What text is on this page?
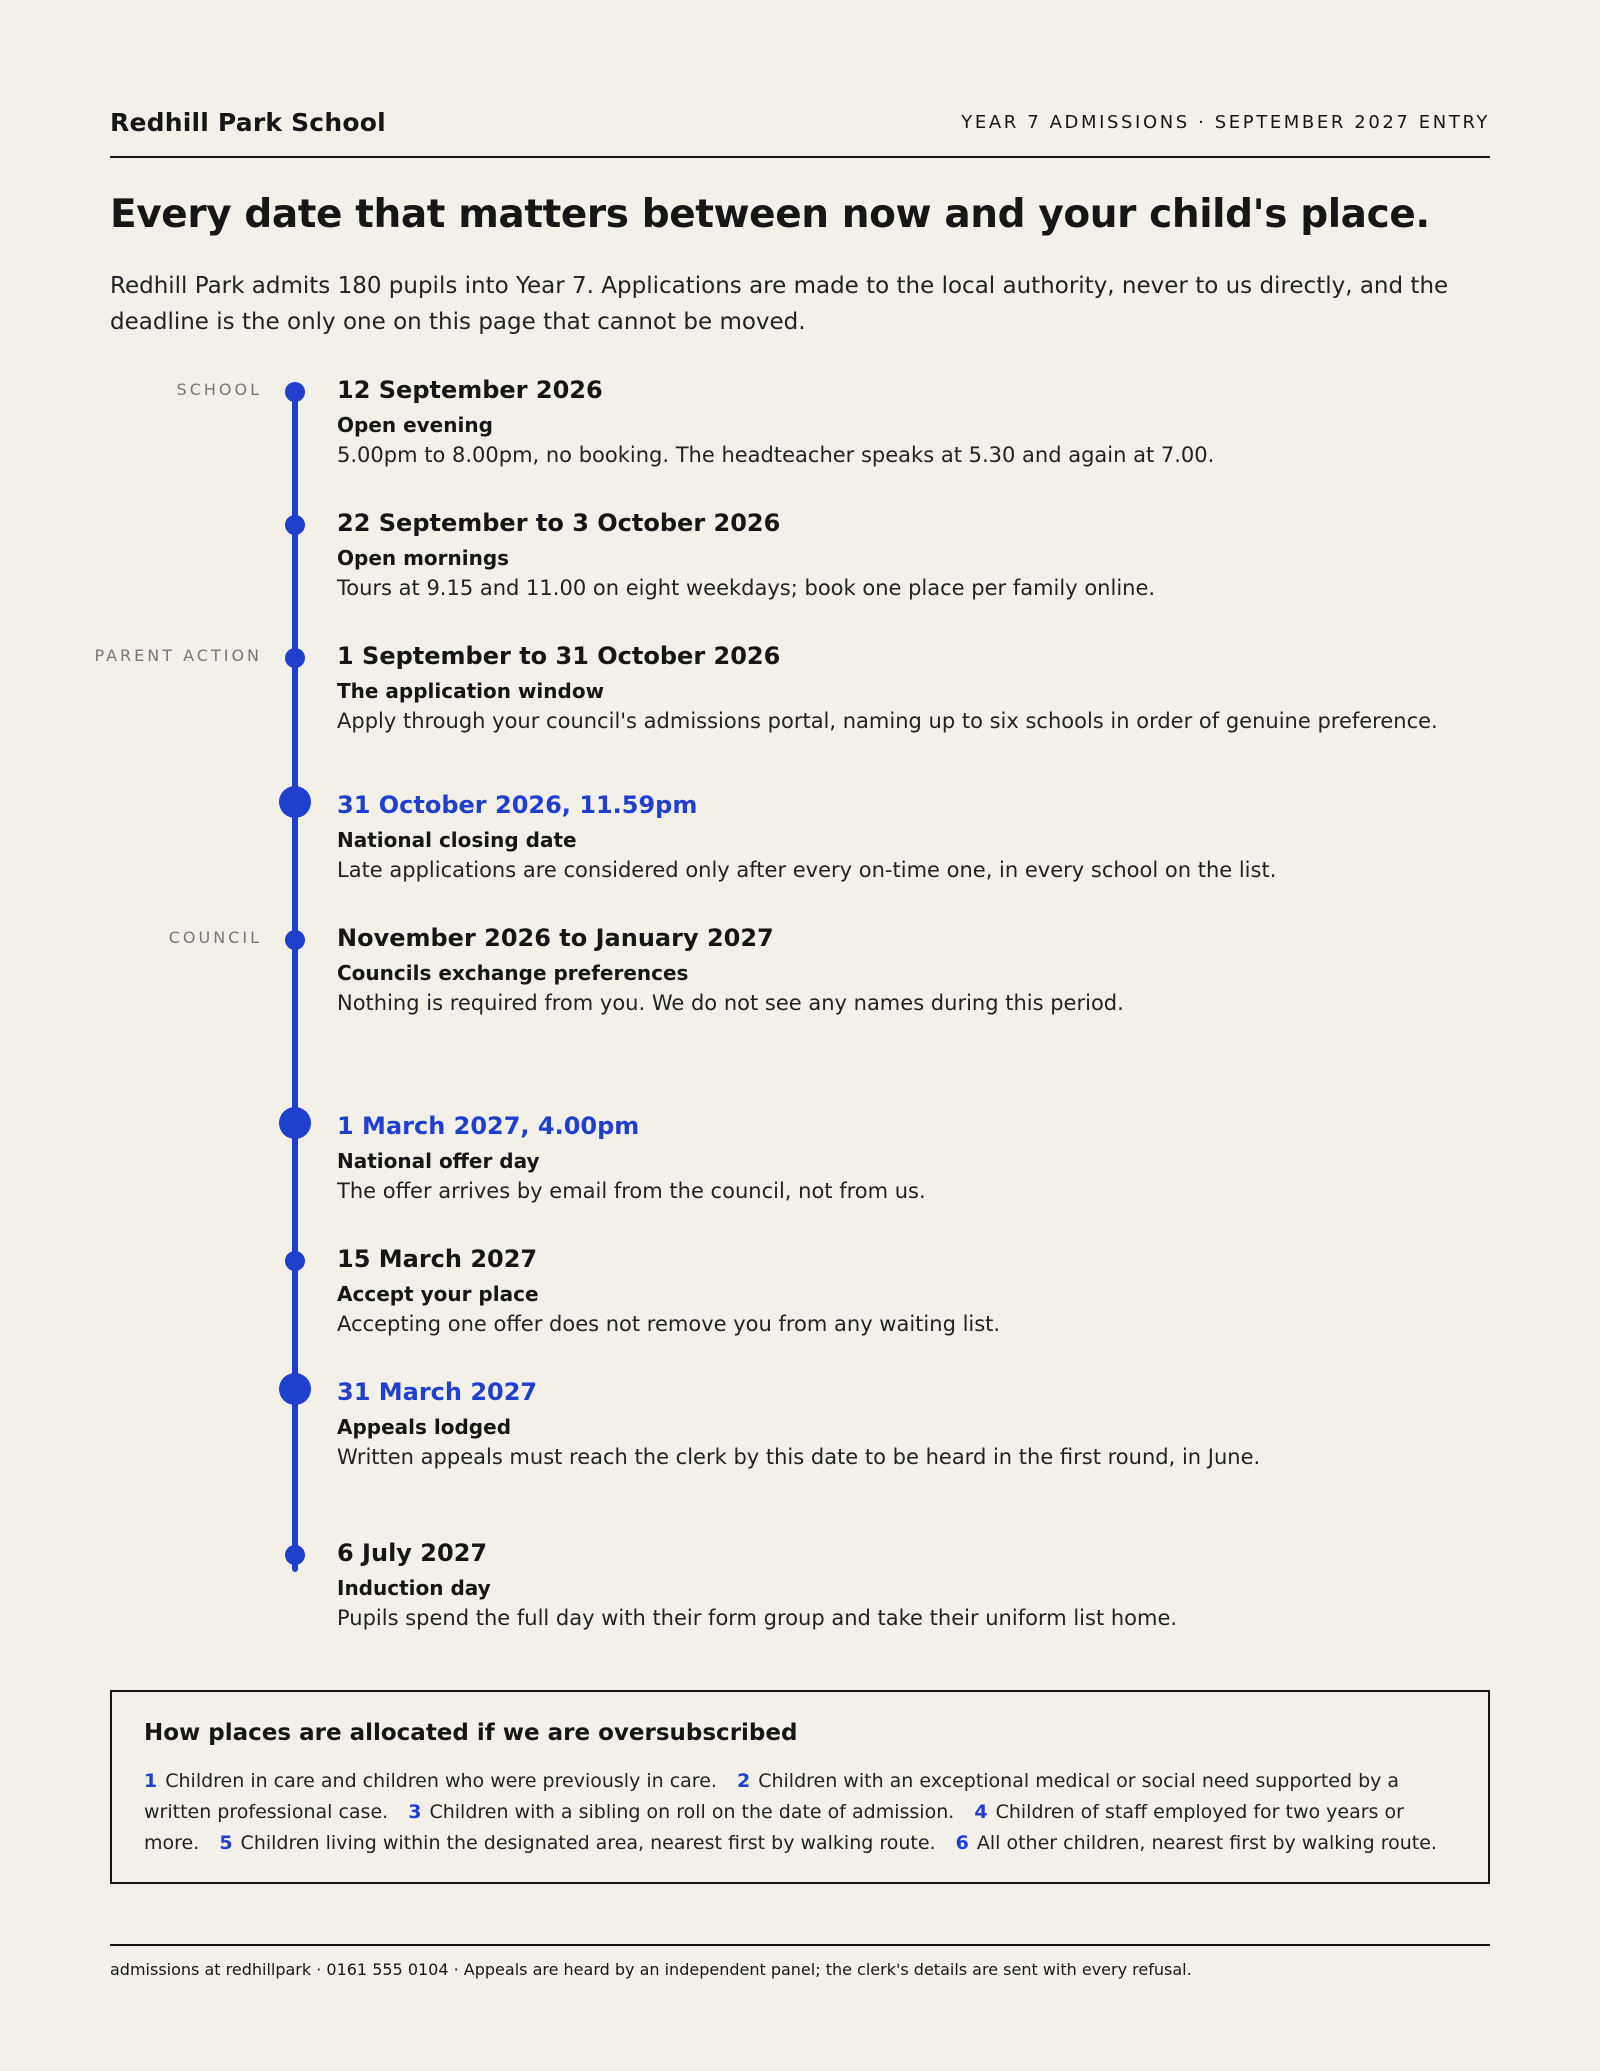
Redhill Park School	YEAR 7 ADMISSIONS · SEPTEMBER 2027 ENTRY
Every date that matters between now and your child's place.

Redhill Park admits 180 pupils into Year 7. Applications are made to the local authority, never to us directly, and the deadline is the only one on this page that cannot be moved.

SCHOOL	12 September 2026
Open evening
5.00pm to 8.00pm, no booking. The headteacher speaks at 5.30 and again at 7.00.
22 September to 3 October 2026
Open mornings
Tours at 9.15 and 11.00 on eight weekdays; book one place per family online.
PARENT ACTION	1 September to 31 October 2026
The application window
Apply through your council's admissions portal, naming up to six schools in order of genuine preference.
31 October 2026, 11.59pm
National closing date
Late applications are considered only after every on-time one, in every school on the list.
COUNCIL	November 2026 to January 2027
Councils exchange preferences
Nothing is required from you. We do not see any names during this period.
1 March 2027, 4.00pm
National offer day
The offer arrives by email from the council, not from us.
15 March 2027
Accept your place
Accepting one offer does not remove you from any waiting list.
31 March 2027
Appeals lodged
Written appeals must reach the clerk by this date to be heard in the first round, in June.
6 July 2027
Induction day
Pupils spend the full day with their form group and take their uniform list home.
How places are allocated if we are oversubscribed
1 Children in care and children who were previously in care. 2 Children with an exceptional medical or social need supported by a written professional case. 3 Children with a sibling on roll on the date of admission. 4 Children of staff employed for two years or more. 5 Children living within the designated area, nearest first by walking route. 6 All other children, nearest first by walking route.
admissions at redhillpark · 0161 555 0104 · Appeals are heard by an independent panel; the clerk's details are sent with every refusal.
